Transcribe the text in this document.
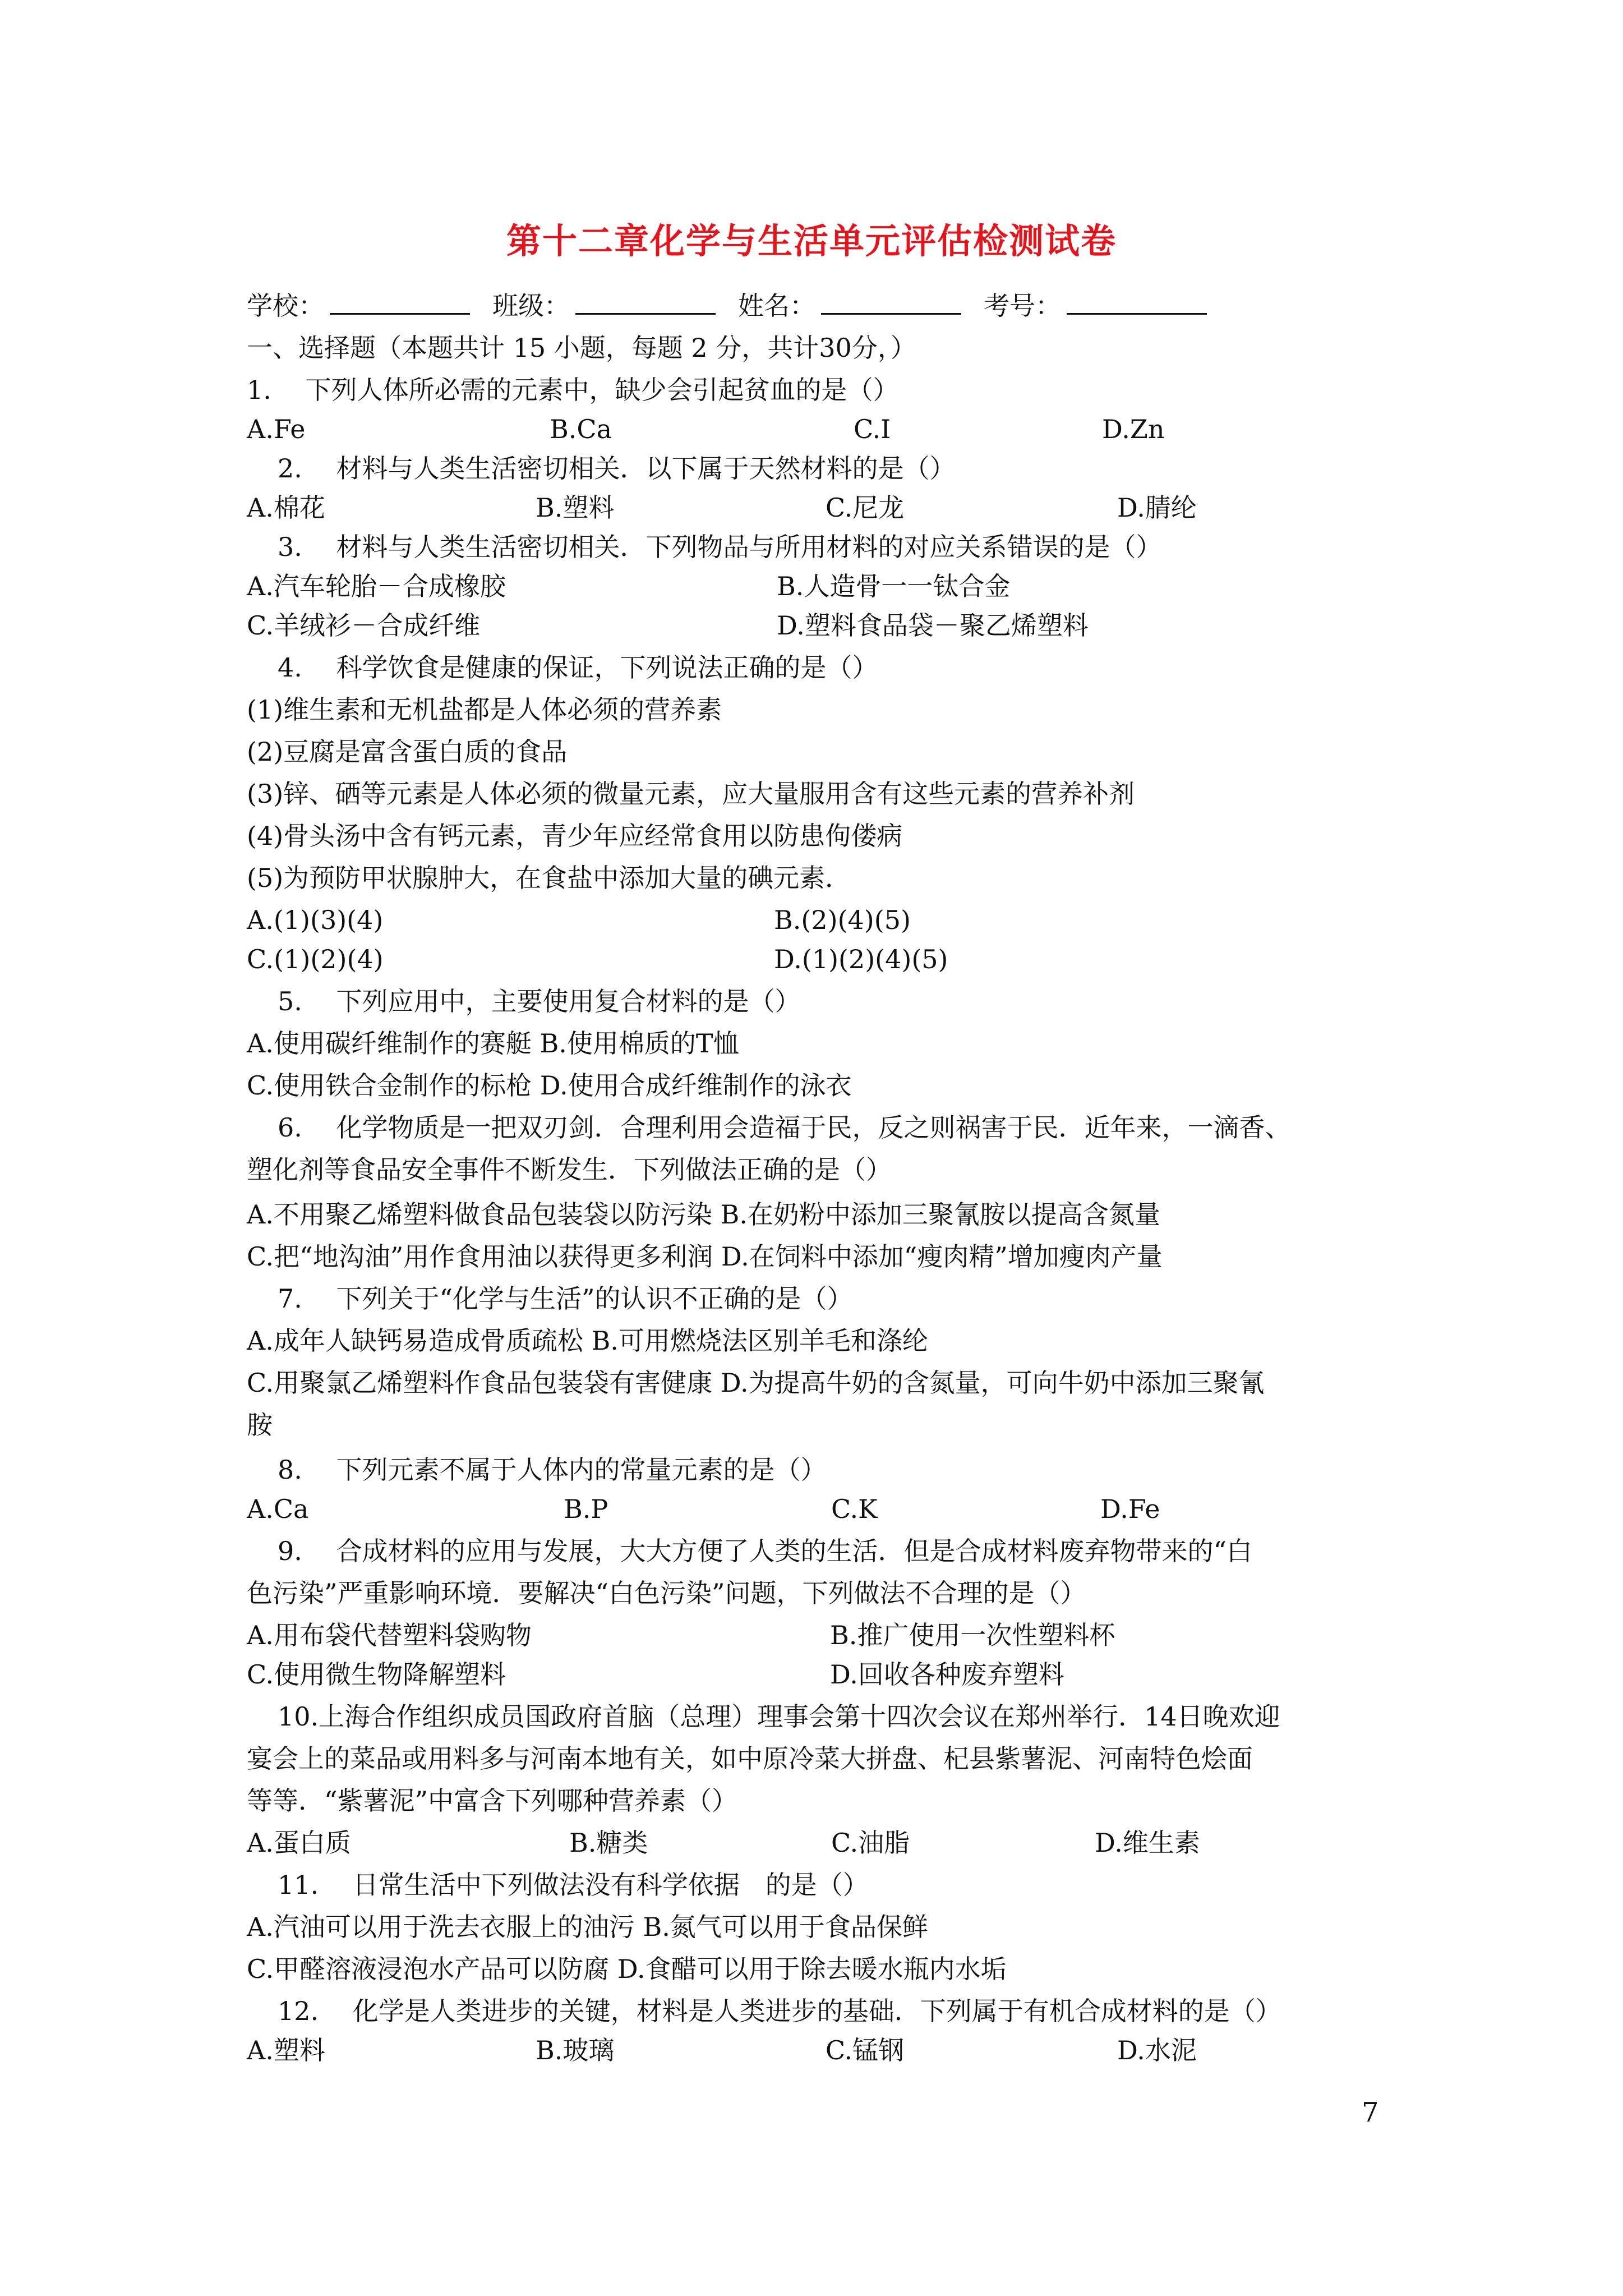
第十二章化学与生活单元评估检测试卷
学校：	班级：	姓名：	考号：
一、选择题（本题共计 15 小题，每题 2 分，共计30分，）
1.　 下列人体所必需的元素中，缺少会引起贫血的是（）
A.Fe	B.Ca	C.I	D.Zn
2.　 材料与人类生活密切相关．以下属于天然材料的是（）
A.棉花	B.塑料	C.尼龙	D.腈纶
3.　 材料与人类生活密切相关．下列物品与所用材料的对应关系错误的是（）
A.汽车轮胎－合成橡胶	B.人造骨一一钛合金
C.羊绒衫－合成纤维	D.塑料食品袋－聚乙烯塑料
4.　 科学饮食是健康的保证，下列说法正确的是（）
(1)维生素和无机盐都是人体必须的营养素
(2)豆腐是富含蛋白质的食品
(3)锌、硒等元素是人体必须的微量元素，应大量服用含有这些元素的营养补剂
(4)骨头汤中含有钙元素，青少年应经常食用以防患佝偻病
(5)为预防甲状腺肿大，在食盐中添加大量的碘元素．
A.(1)(3)(4)	B.(2)(4)(5)
C.(1)(2)(4)	D.(1)(2)(4)(5)
5.　 下列应用中，主要使用复合材料的是（）
A.使用碳纤维制作的赛艇 B.使用棉质的T恤
C.使用铁合金制作的标枪 D.使用合成纤维制作的泳衣
6.　 化学物质是一把双刃剑．合理利用会造福于民，反之则祸害于民．近年来，一滴香、
塑化剂等食品安全事件不断发生．下列做法正确的是（）
A.不用聚乙烯塑料做食品包装袋以防污染 B.在奶粉中添加三聚氰胺以提高含氮量
C.把“地沟油”用作食用油以获得更多利润 D.在饲料中添加“瘦肉精”增加瘦肉产量
7.　 下列关于“化学与生活”的认识不正确的是（）
A.成年人缺钙易造成骨质疏松 B.可用燃烧法区别羊毛和涤纶
C.用聚氯乙烯塑料作食品包装袋有害健康 D.为提高牛奶的含氮量，可向牛奶中添加三聚氰
胺
8.　 下列元素不属于人体内的常量元素的是（）
A.Ca	B.P	C.K	D.Fe
9.　 合成材料的应用与发展，大大方便了人类的生活．但是合成材料废弃物带来的“白
色污染”严重影响环境．要解决“白色污染”问题，下列做法不合理的是（）
A.用布袋代替塑料袋购物	B.推广使用一次性塑料杯
C.使用微生物降解塑料	D.回收各种废弃塑料
10.上海合作组织成员国政府首脑（总理）理事会第十四次会议在郑州举行．14日晚欢迎
宴会上的菜品或用料多与河南本地有关，如中原冷菜大拼盘、杞县紫薯泥、河南特色烩面
等等．“紫薯泥”中富含下列哪种营养素（）
A.蛋白质	B.糖类	C.油脂	D.维生素
11.　 日常生活中下列做法没有科学依据　的是（）
A.汽油可以用于洗去衣服上的油污 B.氮气可以用于食品保鲜
C.甲醛溶液浸泡水产品可以防腐 D.食醋可以用于除去暖水瓶内水垢
12.　 化学是人类进步的关键，材料是人类进步的基础．下列属于有机合成材料的是（）
A.塑料	B.玻璃	C.锰钢	D.水泥
7
